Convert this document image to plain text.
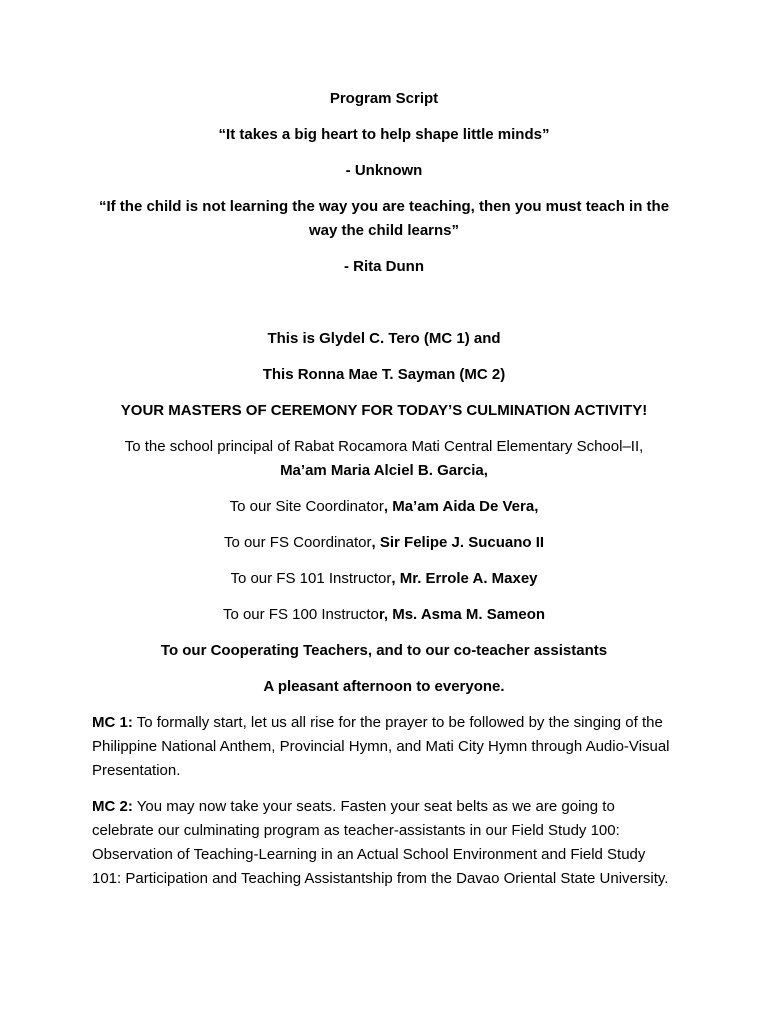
Program Script

“It takes a big heart to help shape little minds”

- Unknown

“If the child is not learning the way you are teaching, then you must teach in the way the child learns”

- Rita Dunn

This is Glydel C. Tero (MC 1) and

This Ronna Mae T. Sayman (MC 2)

YOUR MASTERS OF CEREMONY FOR TODAY’S CULMINATION ACTIVITY!

To the school principal of Rabat Rocamora Mati Central Elementary School–II,
Ma’am Maria Alciel B. Garcia,

To our Site Coordinator, Ma’am Aida De Vera,

To our FS Coordinator, Sir Felipe J. Sucuano II

To our FS 101 Instructor, Mr. Errole A. Maxey

To our FS 100 Instructor, Ms. Asma M. Sameon

To our Cooperating Teachers, and to our co-teacher assistants

A pleasant afternoon to everyone.

MC 1: To formally start, let us all rise for the prayer to be followed by the singing of the Philippine National Anthem, Provincial Hymn, and Mati City Hymn through Audio-Visual Presentation.

MC 2: You may now take your seats. Fasten your seat belts as we are going to celebrate our culminating program as teacher-assistants in our Field Study 100: Observation of Teaching-Learning in an Actual School Environment and Field Study 101: Participation and Teaching Assistantship from the Davao Oriental State University.
